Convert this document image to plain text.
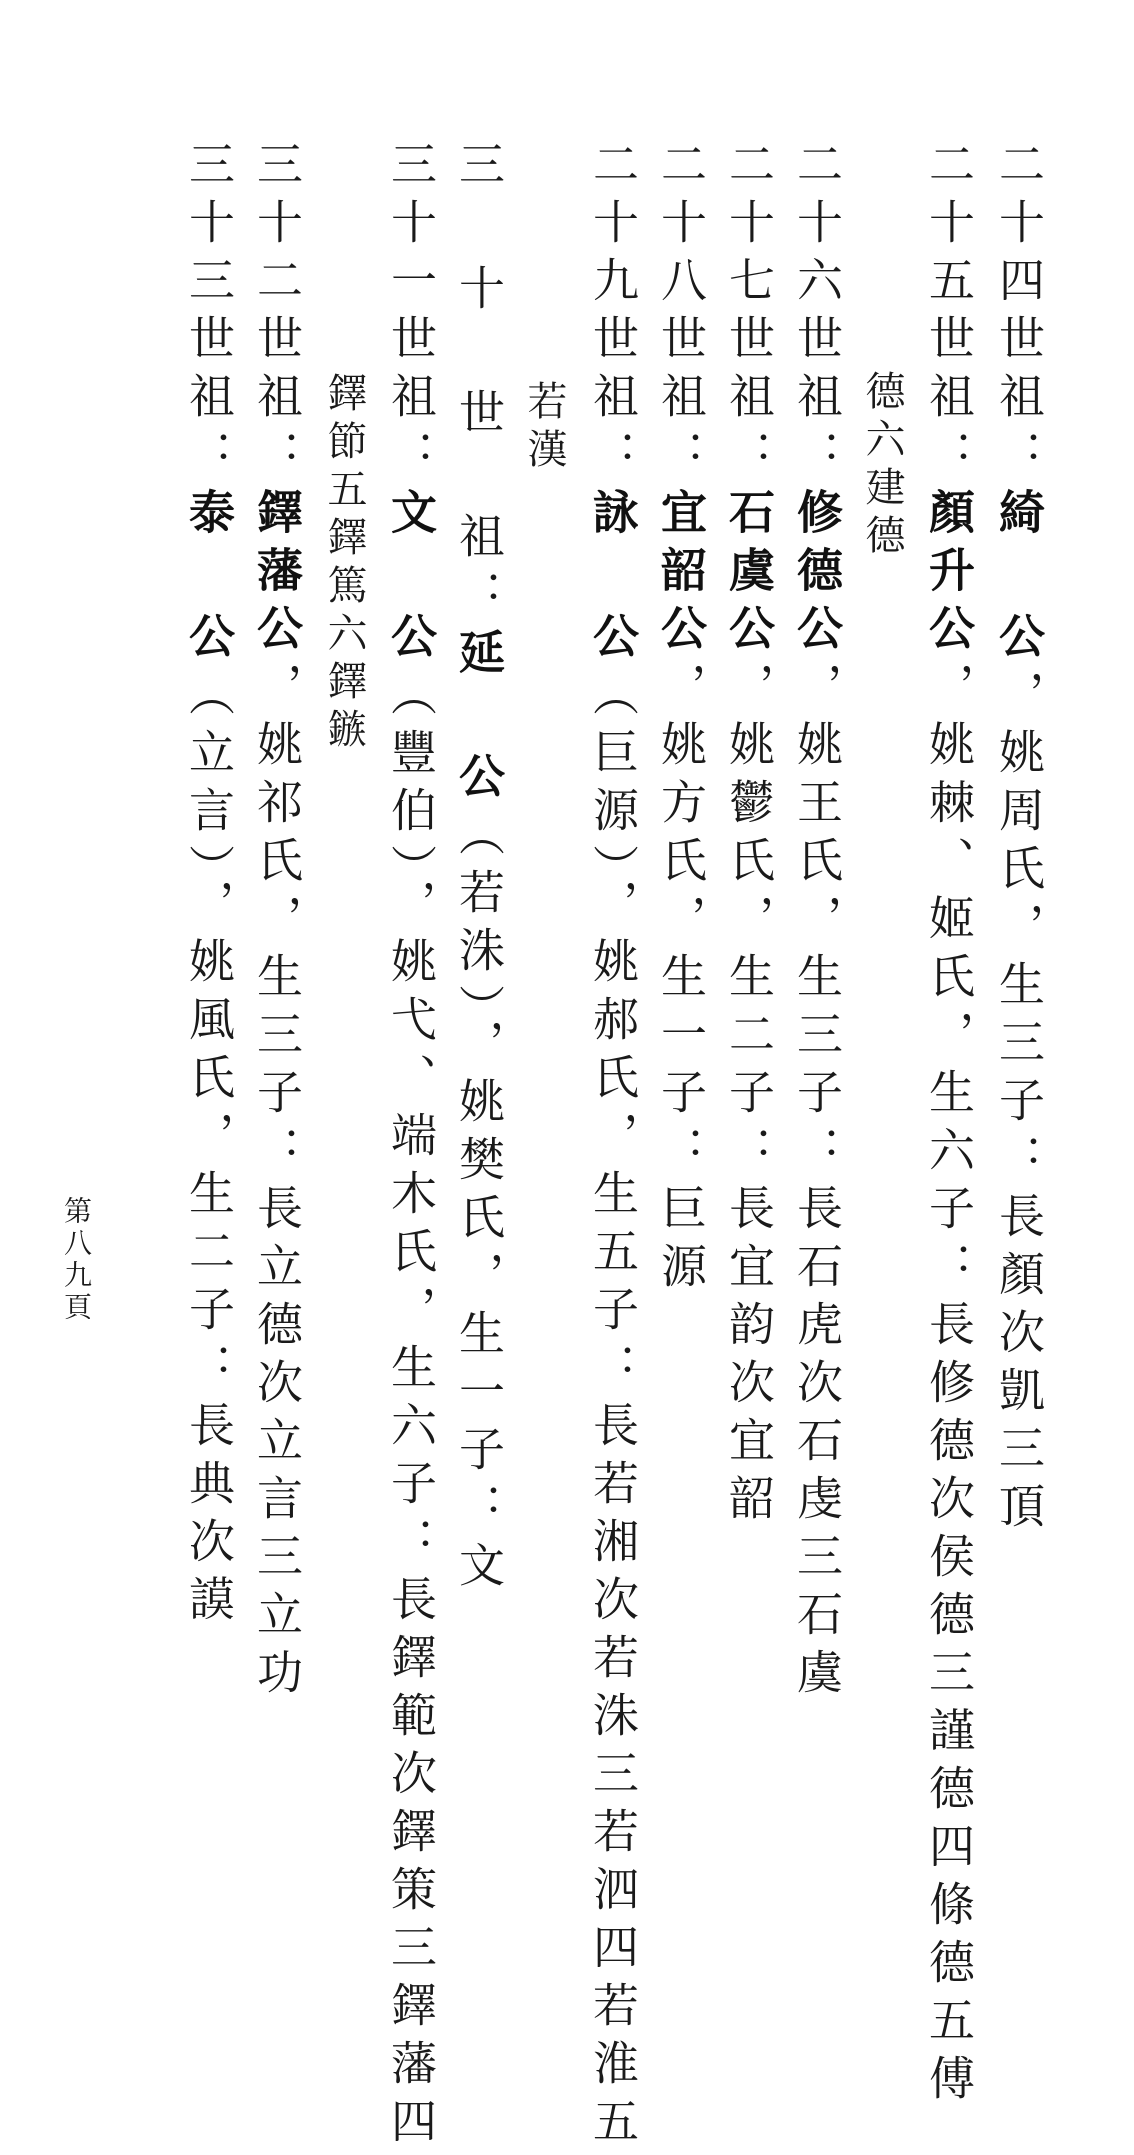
二十四世祖：綺 公，姚周氏，生三子：長顏次凱三頂
二十五世祖：顏升公，姚棘、姬氏，生六子：長修德次侯德三謹德四條德五傅
德六建德
二十六世祖：修德公，姚王氏，生三子：長石虎次石虔三石虞
二十七世祖：石虞公，姚鬱氏，生二子：長宜韵次宜韶
二十八世祖：宜韶公，姚方氏，生一子：巨源
二十九世祖：詠 公（巨源），姚郝氏，生五子：長若湘次若洙三若泗四若淮五
若漢
三 十 世 祖：延 公（若洙），姚樊氏，生一子：文
三十一世祖：文 公（豐伯），姚弋、端木氏，生六子：長鐸範次鐸策三鐸藩四
鐸節五鐸篤六鐸鏃
三十二世祖：鐸藩公，姚祁氏，生三子：長立德次立言三立功
三十三世祖：泰 公（立言），姚風氏，生二子：長典次謨
第八九頁
